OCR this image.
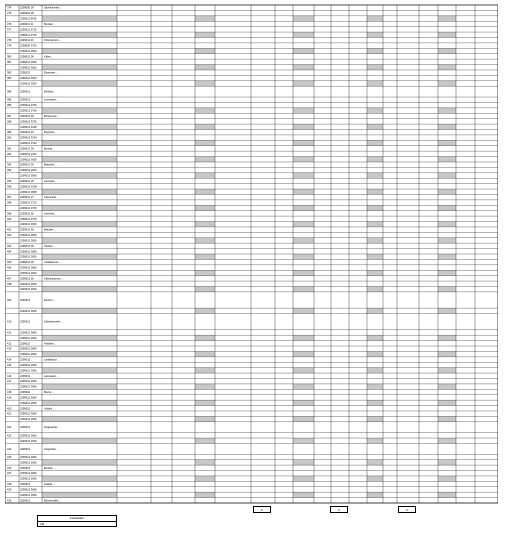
374	2299000 06	Sávkívezetés...
375	2299000 09
2299011 8635
376	2299011 21	Bontási ...
377	2299011 3715
2299011 2735
378	2299011 06	Pótvízelzáró...
379	2299000 3700
2299012 3620
380	2299012 06	Kábel...
381	2299012 3600
2299012 3620
382	2299012	Elvezetés ...
383	2299012 3620
2299012 3030
384	2299012	Előfűtés...
385	2299012	Levezetés...
386	2299012 3709
2299012 3706
387	2299012 06	Elhelyezés...
388	2299012 3706
2299012 2228
389	2299012 22	Rögzítés...
390	2299012 3704
2299012 3702
391	2299012 06	Bontás...
392	2299012 3403
2299012 3606
393	2299012 36	Beépítés ...
394	2299012 3606
2299012 3606
395	2299012 06	Kiemelés ...
396	2299012 3708
2299012 3808
397	2299012 27	Kapcsolás...
398	2299012 3710
2299012 3706
399	2299012 36	Szerelés ...
400	2299012 3700
2299012 3606
401	2299012 36	Bekötés ...
402	2299012 3606
2299012 3606
403	2299012 36	Átkötés ...
404	2299012 3606
2299012 3606
405	2299012 36	Csatlakozás ...
406	2299012 3606
2299012 3606
407	2299012 36	Kábelcsatorna ...
408	2299012 3606
2299012 3606
409	2299012	Elosztó ...
2299012 3606
410	2299012	Kábelszerelés ...
411	2299012 3606
2299012 3606
412	2299012	Földelés ...
413	2299012 3606
2299012 3606
414	2299012	Csatlakozó ...
415	2299012 3606
2299012 3606
416	2299012	Lámpatest ...
417	2299012 3606
2299012 3606
418	2299012	Mérés ...
419	2299012 3606
2299012 3606
420	2299012	Jelölés ...
421	2299012 3606
2299012 3606
422	2299012	Kiegészítés ...
423	2299012 3606
2299012 3606
424	2299012	Szigetelés ...
425	2299012 3606
2299012 3606
426	2299012	Elzárás ...
427	2299012 3606
2299012 3606
428	2299012	Átadás ...
429	2299012 3606
2299012 3606
430	2299012	Beüzemelés ...
Σ	Σ	Σ
Feladatkör
Alá
